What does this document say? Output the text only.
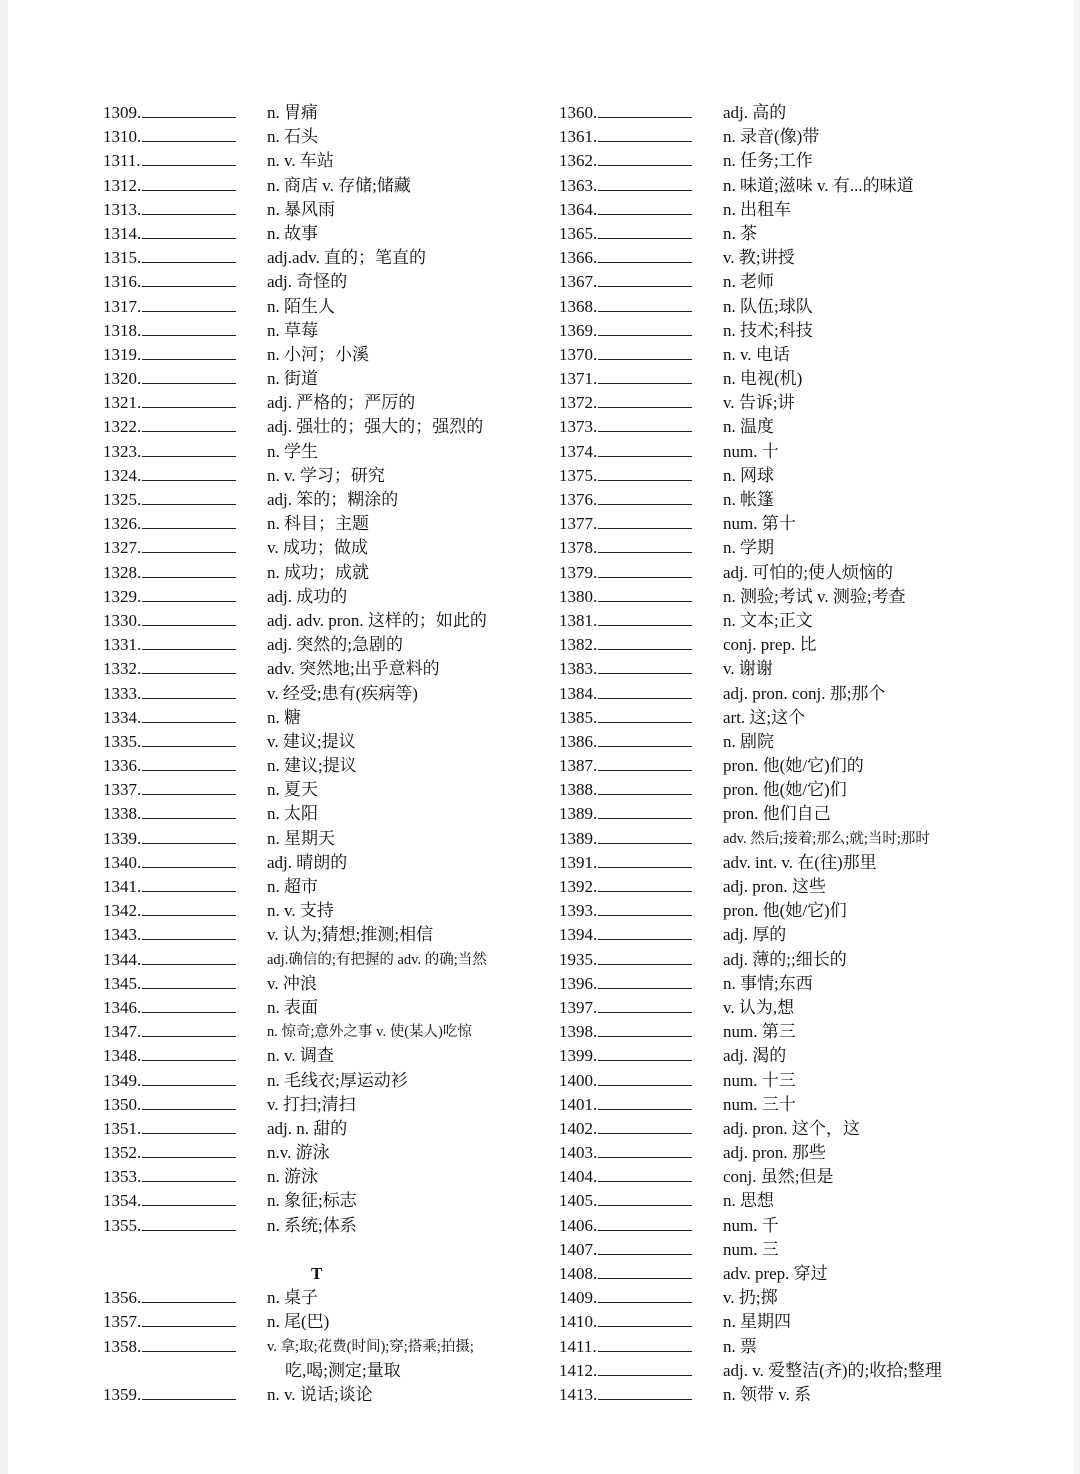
1309.	n. 胃痛
1310.	n. 石头
1311.	n. v. 车站
1312.	n. 商店 v. 存储;储藏
1313.	n. 暴风雨
1314.	n. 故事
1315.	adj.adv. 直的；笔直的
1316.	adj. 奇怪的
1317.	n. 陌生人
1318.	n. 草莓
1319.	n. 小河；小溪
1320.	n. 街道
1321.	adj. 严格的；严厉的
1322.	adj. 强壮的；强大的；强烈的
1323.	n. 学生
1324.	n. v. 学习；研究
1325.	adj. 笨的；糊涂的
1326.	n. 科目；主题
1327.	v. 成功；做成
1328.	n. 成功；成就
1329.	adj. 成功的
1330.	adj. adv. pron. 这样的；如此的
1331.	adj. 突然的;急剧的
1332.	adv. 突然地;出乎意料的
1333.	v. 经受;患有(疾病等)
1334.	n. 糖
1335.	v. 建议;提议
1336.	n. 建议;提议
1337.	n. 夏天
1338.	n. 太阳
1339.	n. 星期天
1340.	adj. 晴朗的
1341.	n. 超市
1342.	n. v. 支持
1343.	v. 认为;猜想;推测;相信
1344.	adj.确信的;有把握的 adv. 的确;当然
1345.	v. 冲浪
1346.	n. 表面
1347.	n. 惊奇;意外之事 v. 使(某人)吃惊
1348.	n. v. 调查
1349.	n. 毛线衣;厚运动衫
1350.	v. 打扫;清扫
1351.	adj. n. 甜的
1352.	n.v. 游泳
1353.	n. 游泳
1354.	n. 象征;标志
1355.	n. 系统;体系
T
1356.	n. 桌子
1357.	n. 尾(巴)
1358.	v. 拿;取;花费(时间);穿;搭乘;拍摄;
吃,喝;测定;量取
1359.	n. v. 说话;谈论
1360.	adj. 高的
1361.	n. 录音(像)带
1362.	n. 任务;工作
1363.	n. 味道;滋味 v. 有...的味道
1364.	n. 出租车
1365.	n. 茶
1366.	v. 教;讲授
1367.	n. 老师
1368.	n. 队伍;球队
1369.	n. 技术;科技
1370.	n. v. 电话
1371.	n. 电视(机)
1372.	v. 告诉;讲
1373.	n. 温度
1374.	num. 十
1375.	n. 网球
1376.	n. 帐篷
1377.	num. 第十
1378.	n. 学期
1379.	adj. 可怕的;使人烦恼的
1380.	n. 测验;考试 v. 测验;考查
1381.	n. 文本;正文
1382.	conj. prep. 比
1383.	v. 谢谢
1384.	adj. pron. conj. 那;那个
1385.	art. 这;这个
1386.	n. 剧院
1387.	pron. 他(她/它)们的
1388.	pron. 他(她/它)们
1389.	pron. 他们自己
1389.	adv. 然后;接着;那么;就;当时;那时
1391.	adv. int. v. 在(往)那里
1392.	adj. pron. 这些
1393.	pron. 他(她/它)们
1394.	adj. 厚的
1935.	adj. 薄的;;细长的
1396.	n. 事情;东西
1397.	v. 认为,想
1398.	num. 第三
1399.	adj. 渴的
1400.	num. 十三
1401.	num. 三十
1402.	adj. pron. 这个，这
1403.	adj. pron. 那些
1404.	conj. 虽然;但是
1405.	n. 思想
1406.	num. 千
1407.	num. 三
1408.	adv. prep. 穿过
1409.	v. 扔;掷
1410.	n. 星期四
1411.	n. 票
1412.	adj. v. 爱整洁(齐)的;收拾;整理
1413.	n. 领带 v. 系
